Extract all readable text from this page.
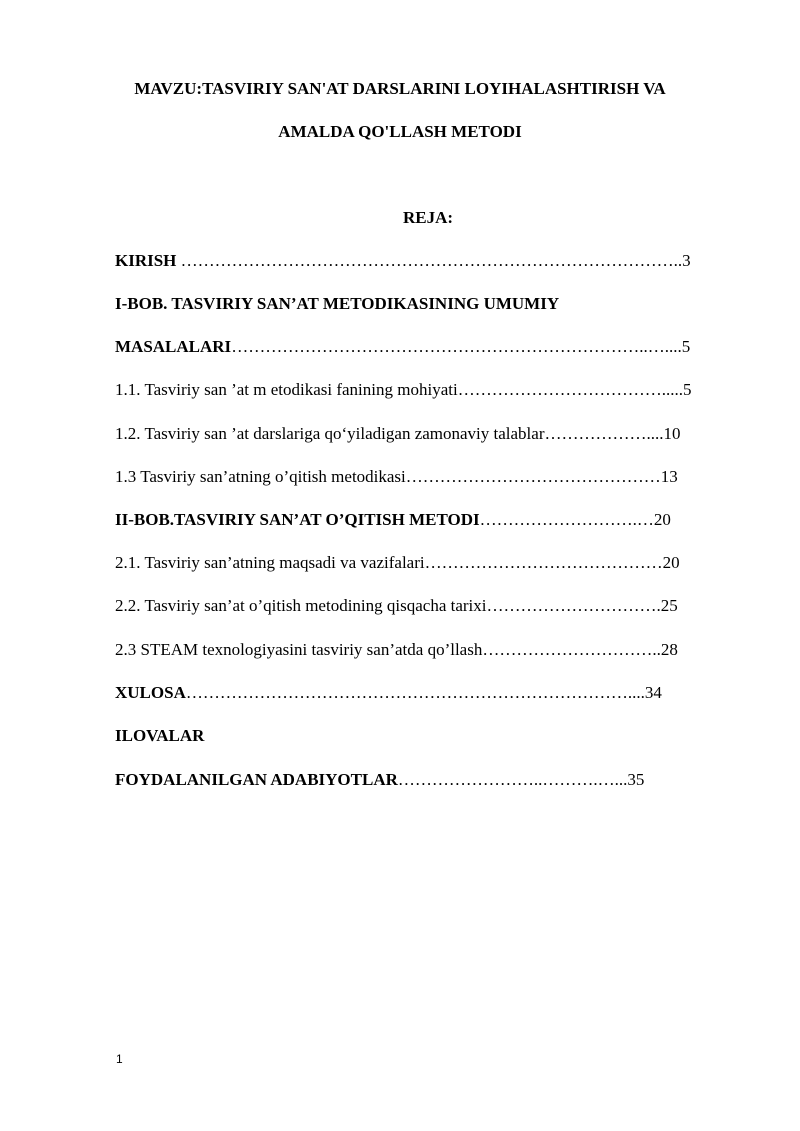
MAVZU:TASVIRIY SAN'AT DARSLARINI LOYIHALASHTIRISH VA
AMALDA QO'LLASH METODI
REJA:
KIRISH ……………………………………………………………………………..3
I-BOB. TASVIRIY SAN’AT METODIKASINING UMUMIY
MASALALARI………………………………………………………………..…....5
1.1. Tasviriy san ’at m etodikasi fanining mohiyati……………………………….....5
1.2. Tasviriy san ’at darslariga qo‘yiladigan zamonaviy talablar………………....10
1.3 Tasviriy san’atning o’qitish metodikasi………………………………………13
II-BOB.TASVIRIY SAN’AT O’QITISH METODI……………………….…20
2.1. Tasviriy san’atning maqsadi va vazifalari……………………………………20
2.2. Tasviriy san’at o’qitish metodining qisqacha tarixi………………………….25
2.3 STEAM texnologiyasini tasviriy san’atda qo’llash…………………………..28
XULOSA……………………………………………………………………....34
ILOVALAR
FOYDALANILGAN ADABIYOTLAR……………………..……….…...35
1
